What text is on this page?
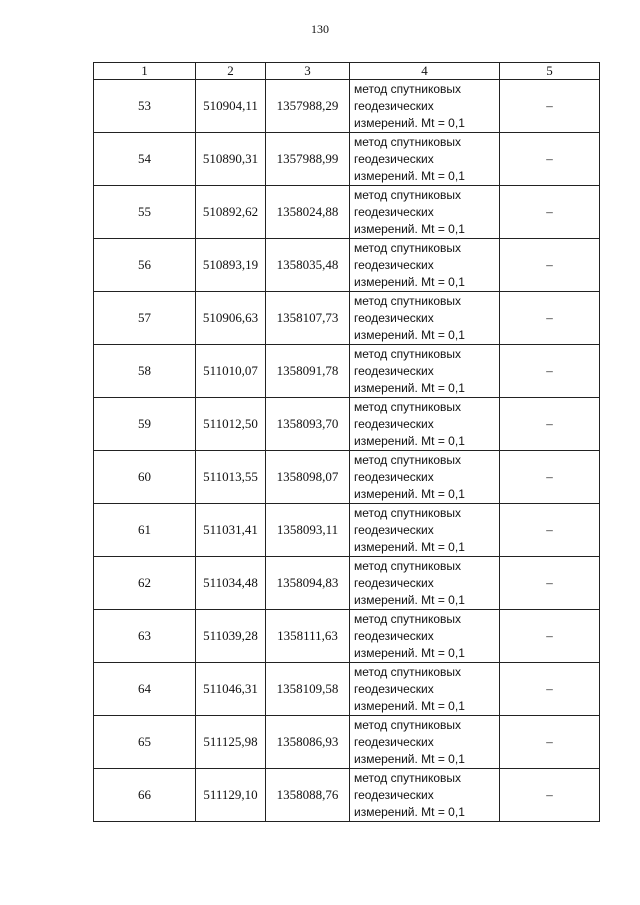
130
1	2	3	4	5
53	510904,11	1357988,29	метод спутниковых
геодезических
измерений. Mt = 0,1	–
54	510890,31	1357988,99	метод спутниковых
геодезических
измерений. Mt = 0,1	–
55	510892,62	1358024,88	метод спутниковых
геодезических
измерений. Mt = 0,1	–
56	510893,19	1358035,48	метод спутниковых
геодезических
измерений. Mt = 0,1	–
57	510906,63	1358107,73	метод спутниковых
геодезических
измерений. Mt = 0,1	–
58	511010,07	1358091,78	метод спутниковых
геодезических
измерений. Mt = 0,1	–
59	511012,50	1358093,70	метод спутниковых
геодезических
измерений. Mt = 0,1	–
60	511013,55	1358098,07	метод спутниковых
геодезических
измерений. Mt = 0,1	–
61	511031,41	1358093,11	метод спутниковых
геодезических
измерений. Mt = 0,1	–
62	511034,48	1358094,83	метод спутниковых
геодезических
измерений. Mt = 0,1	–
63	511039,28	1358111,63	метод спутниковых
геодезических
измерений. Mt = 0,1	–
64	511046,31	1358109,58	метод спутниковых
геодезических
измерений. Mt = 0,1	–
65	511125,98	1358086,93	метод спутниковых
геодезических
измерений. Mt = 0,1	–
66	511129,10	1358088,76	метод спутниковых
геодезических
измерений. Mt = 0,1	–
